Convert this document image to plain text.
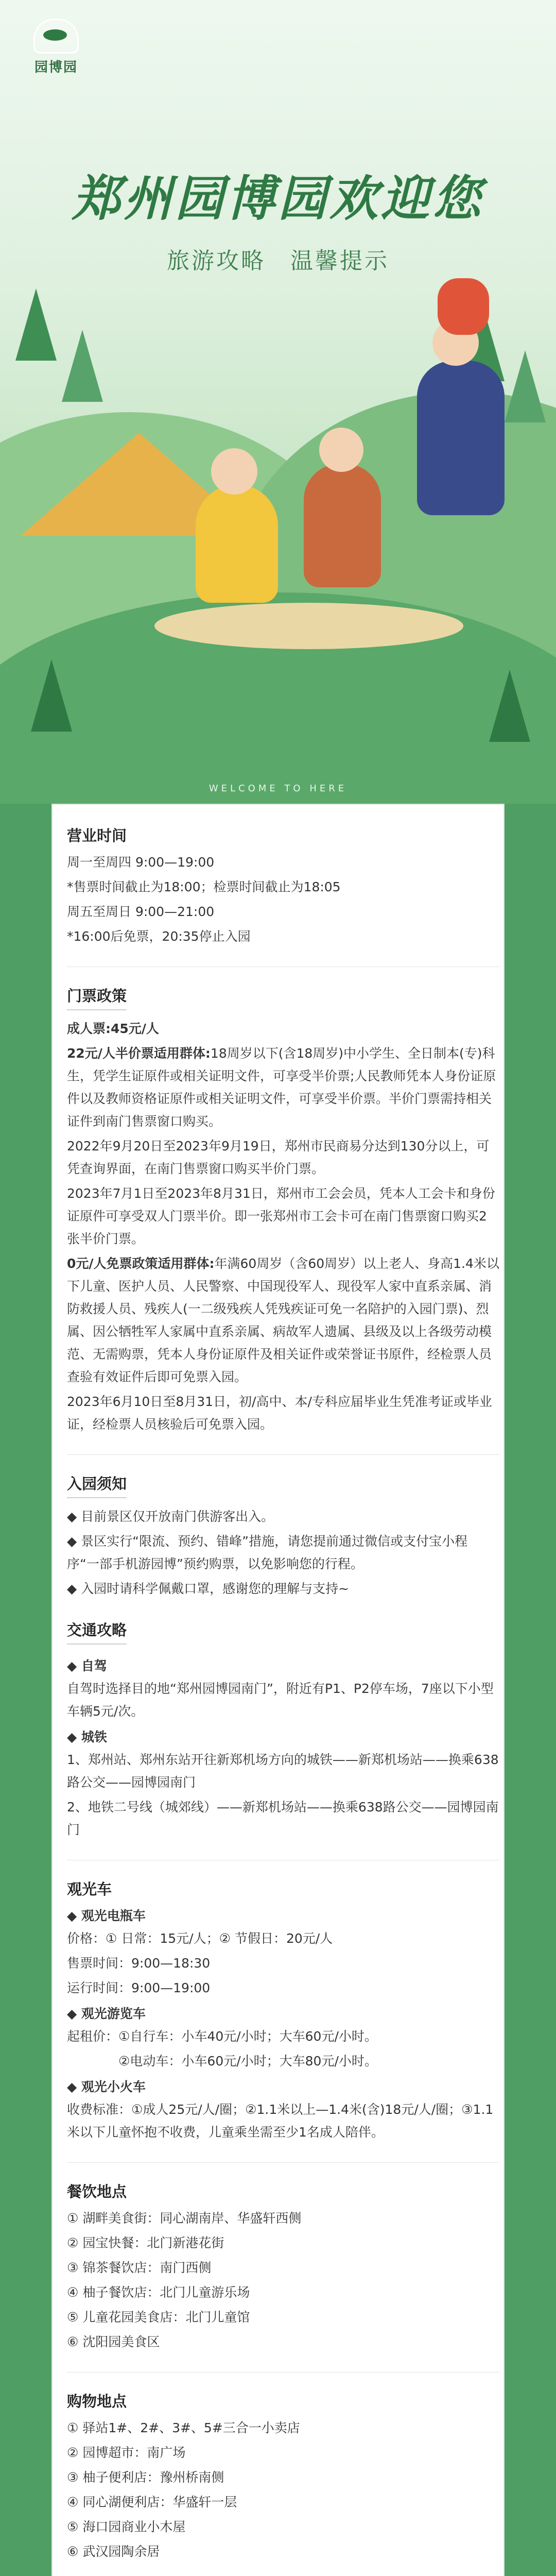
园博园
郑州园博园欢迎您
旅游攻略　温馨提示
WELCOME TO HERE
营业时间
周一至周四 9:00—19:00
*售票时间截止为18:00；检票时间截止为18:05
周五至周日 9:00—21:00
*16:00后免票，20:35停止入园
门票政策
成人票:45元/人
22元/人半价票适用群体:18周岁以下(含18周岁)中小学生、全日制本(专)科生，凭学生证原件或相关证明文件，可享受半价票;人民教师凭本人身份证原件以及教师资格证原件或相关证明文件，可享受半价票。半价门票需持相关证件到南门售票窗口购买。
2022年9月20日至2023年9月19日，郑州市民商易分达到130分以上，可凭查询界面，在南门售票窗口购买半价门票。
2023年7月1日至2023年8月31日，郑州市工会会员，凭本人工会卡和身份证原件可享受双人门票半价。即一张郑州市工会卡可在南门售票窗口购买2张半价门票。
0元/人免票政策适用群体:年满60周岁（含60周岁）以上老人、身高1.4米以下儿童、医护人员、人民警察、中国现役军人、现役军人家中直系亲属、消防救援人员、残疾人(一二级残疾人凭残疾证可免一名陪护的入园门票)、烈属、因公牺牲军人家属中直系亲属、病故军人遗属、县级及以上各级劳动模范、无需购票，凭本人身份证原件及相关证件或荣誉证书原件，经检票人员查验有效证件后即可免票入园。
2023年6月10日至8月31日，初/高中、本/专科应届毕业生凭准考证或毕业证，经检票人员核验后可免票入园。
入园须知
◆ 目前景区仅开放南门供游客出入。
◆ 景区实行“限流、预约、错峰”措施，请您提前通过微信或支付宝小程序“一部手机游园博”预约购票，以免影响您的行程。
◆ 入园时请科学佩戴口罩，感谢您的理解与支持~
交通攻略
◆ 自驾
自驾时选择目的地“郑州园博园南门”，附近有P1、P2停车场，7座以下小型车辆5元/次。
◆ 城铁
1、郑州站、郑州东站开往新郑机场方向的城铁——新郑机场站——换乘638路公交——园博园南门
2、地铁二号线（城郊线）——新郑机场站——换乘638路公交——园博园南门
观光车
◆ 观光电瓶车
价格：① 日常：15元/人；② 节假日：20元/人
售票时间：9:00—18:30
运行时间：9:00—19:00
◆ 观光游览车
起租价：①自行车：小车40元/小时；大车60元/小时。
　　　　②电动车：小车60元/小时；大车80元/小时。
◆ 观光小火车
收费标准：①成人25元/人/圈；②1.1米以上—1.4米(含)18元/人/圈；③1.1米以下儿童怀抱不收费，儿童乘坐需至少1名成人陪伴。
餐饮地点
① 湖畔美食街：同心湖南岸、华盛轩西侧
② 园宝快餐：北门新港花街
③ 锦茶餐饮店：南门西侧
④ 柚子餐饮店：北门儿童游乐场
⑤ 儿童花园美食店：北门儿童馆
⑥ 沈阳园美食区
购物地点
① 驿站1#、2#、3#、5#三合一小卖店
② 园博超市：南广场
③ 柚子便利店：豫州桥南侧
④ 同心湖便利店：华盛轩一层
⑤ 海口园商业小木屋
⑥ 武汉园陶余居
